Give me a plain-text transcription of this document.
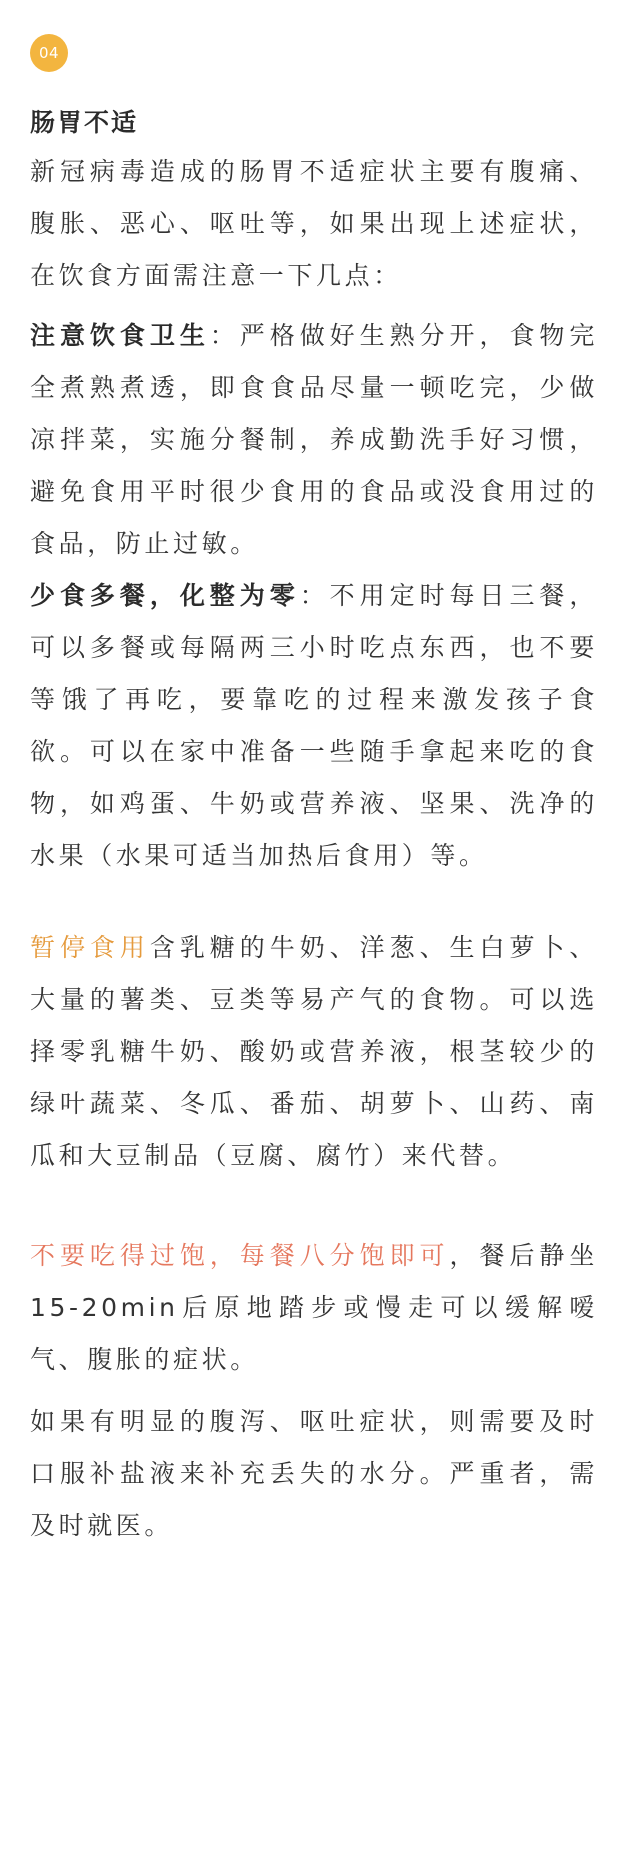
04
肠胃不适

新冠病毒造成的肠胃不适症状主要有腹痛、腹胀、恶心、呕吐等，如果出现上述症状，在饮食方面需注意一下几点：

注意饮食卫生：严格做好生熟分开，食物完全煮熟煮透，即食食品尽量一顿吃完，少做凉拌菜，实施分餐制，养成勤洗手好习惯，避免食用平时很少食用的食品或没食用过的食品，防止过敏。

少食多餐，化整为零：不用定时每日三餐，可以多餐或每隔两三小时吃点东西，也不要等饿了再吃，要靠吃的过程来激发孩子食欲。可以在家中准备一些随手拿起来吃的食物，如鸡蛋、牛奶或营养液、坚果、洗净的水果（水果可适当加热后食用）等。

暂停食用含乳糖的牛奶、洋葱、生白萝卜、大量的薯类、豆类等易产气的食物。可以选择零乳糖牛奶、酸奶或营养液，根茎较少的绿叶蔬菜、冬瓜、番茄、胡萝卜、山药、南瓜和大豆制品（豆腐、腐竹）来代替。

不要吃得过饱，每餐八分饱即可，餐后静坐15-20min后原地踏步或慢走可以缓解嗳气、腹胀的症状。

如果有明显的腹泻、呕吐症状，则需要及时口服补盐液来补充丢失的水分。严重者，需及时就医。
